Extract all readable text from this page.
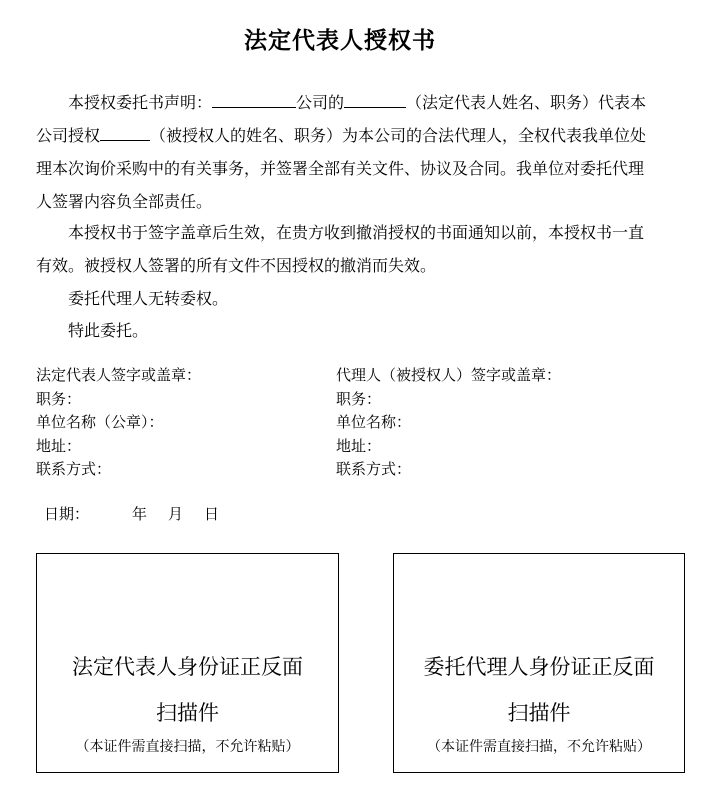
法定代表人授权书
本授权委托书声明：	公司的	（法定代表人姓名、职务）代表本公司授权	（被授权人的姓名、职务）为本公司的合法代理人，全权代表我单位处理本次询价采购中的有关事务，并签署全部有关文件、协议及合同。我单位对委托代理人签署内容负全部责任。
本授权书于签字盖章后生效，在贵方收到撤消授权的书面通知以前，本授权书一直有效。被授权人签署的所有文件不因授权的撤消而失效。
委托代理人无转委权。
特此委托。
法定代表人签字或盖章：
职务：
单位名称（公章）：
地址：
联系方式：
代理人（被授权人）签字或盖章：
职务：
单位名称：
地址：
联系方式：
日期：	年 月 日
法定代表人身份证正反面
扫描件
（本证件需直接扫描，不允许粘贴）
委托代理人身份证正反面
扫描件
（本证件需直接扫描，不允许粘贴）
